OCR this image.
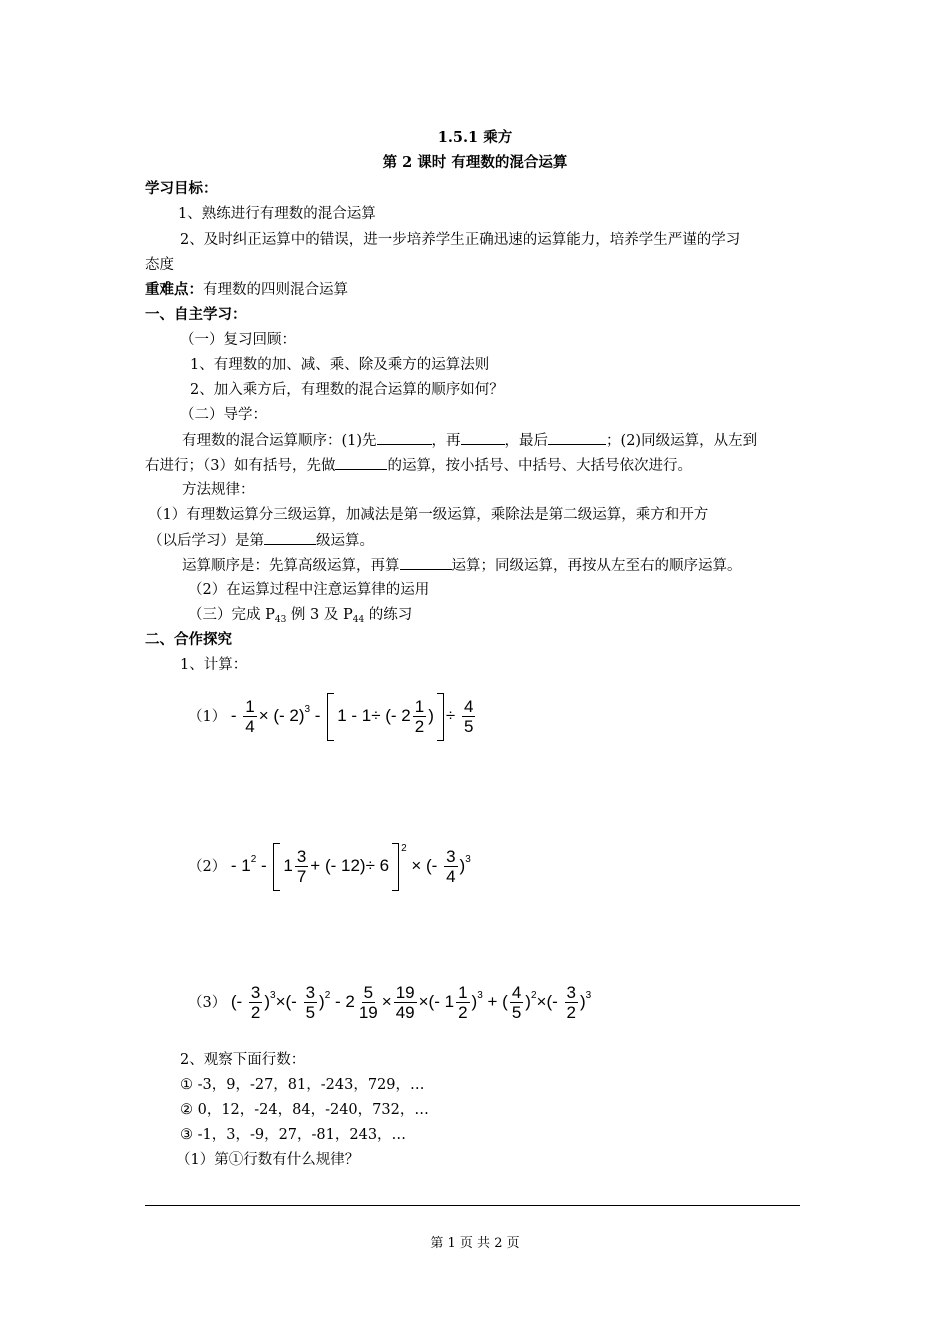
1.5.1 乘方
第 2 课时 有理数的混合运算
学习目标：
1、熟练进行有理数的混合运算
2、及时纠正运算中的错误，进一步培养学生正确迅速的运算能力，培养学生严谨的学习
态度
重难点：有理数的四则混合运算
一、自主学习：
（一）复习回顾：
1、有理数的加、减、乘、除及乘方的运算法则
2、加入乘方后，有理数的混合运算的顺序如何？
（二）导学：
有理数的混合运算顺序：(1)先	，再	，最后	；(2)同级运算，从左到
右进行；（3）如有括号，先做	的运算，按小括号、中括号、大括号依次进行。
方法规律：
（1）有理数运算分三级运算，加减法是第一级运算，乘除法是第二级运算，乘方和开方
（以后学习）是第	级运算。
运算顺序是：先算高级运算，再算	运算；同级运算，再按从左至右的顺序运算。
（2）在运算过程中注意运算律的运用
（三）完成 $P_{43}$ 例 3 及 $P_{44}$ 的练习
二、合作探究
1、计算：
$(1) - \frac{1}{4}$ × (- 2)$^3$ - 1 - 1÷ (- $2 \frac{1}{2}$ ) ÷ $\frac{4}{5}$
$(2) - 1^2 - 1 \frac{3}{7}$ + (- $12)\div 6^2$ × (- $\frac{3}{4} )^3$
（3） (- $\frac{3}{2} )^3\times(- \frac{3}{5} )^2 - 2 \frac{5}{19} \times \frac{19}{49}$ ×(- $1 \frac{1}{2} )^3$ + ( $\frac{4}{5} )^2\times(- \frac{3}{2} )^3$
2、观察下面行数：
① -3，9，-27，81，-243，729，…
② 0，12，-24，84，-240，732，…
③ -1，3，-9，27，-81，243，…
（1）第①行数有什么规律？
第 1 页 共 2 页
